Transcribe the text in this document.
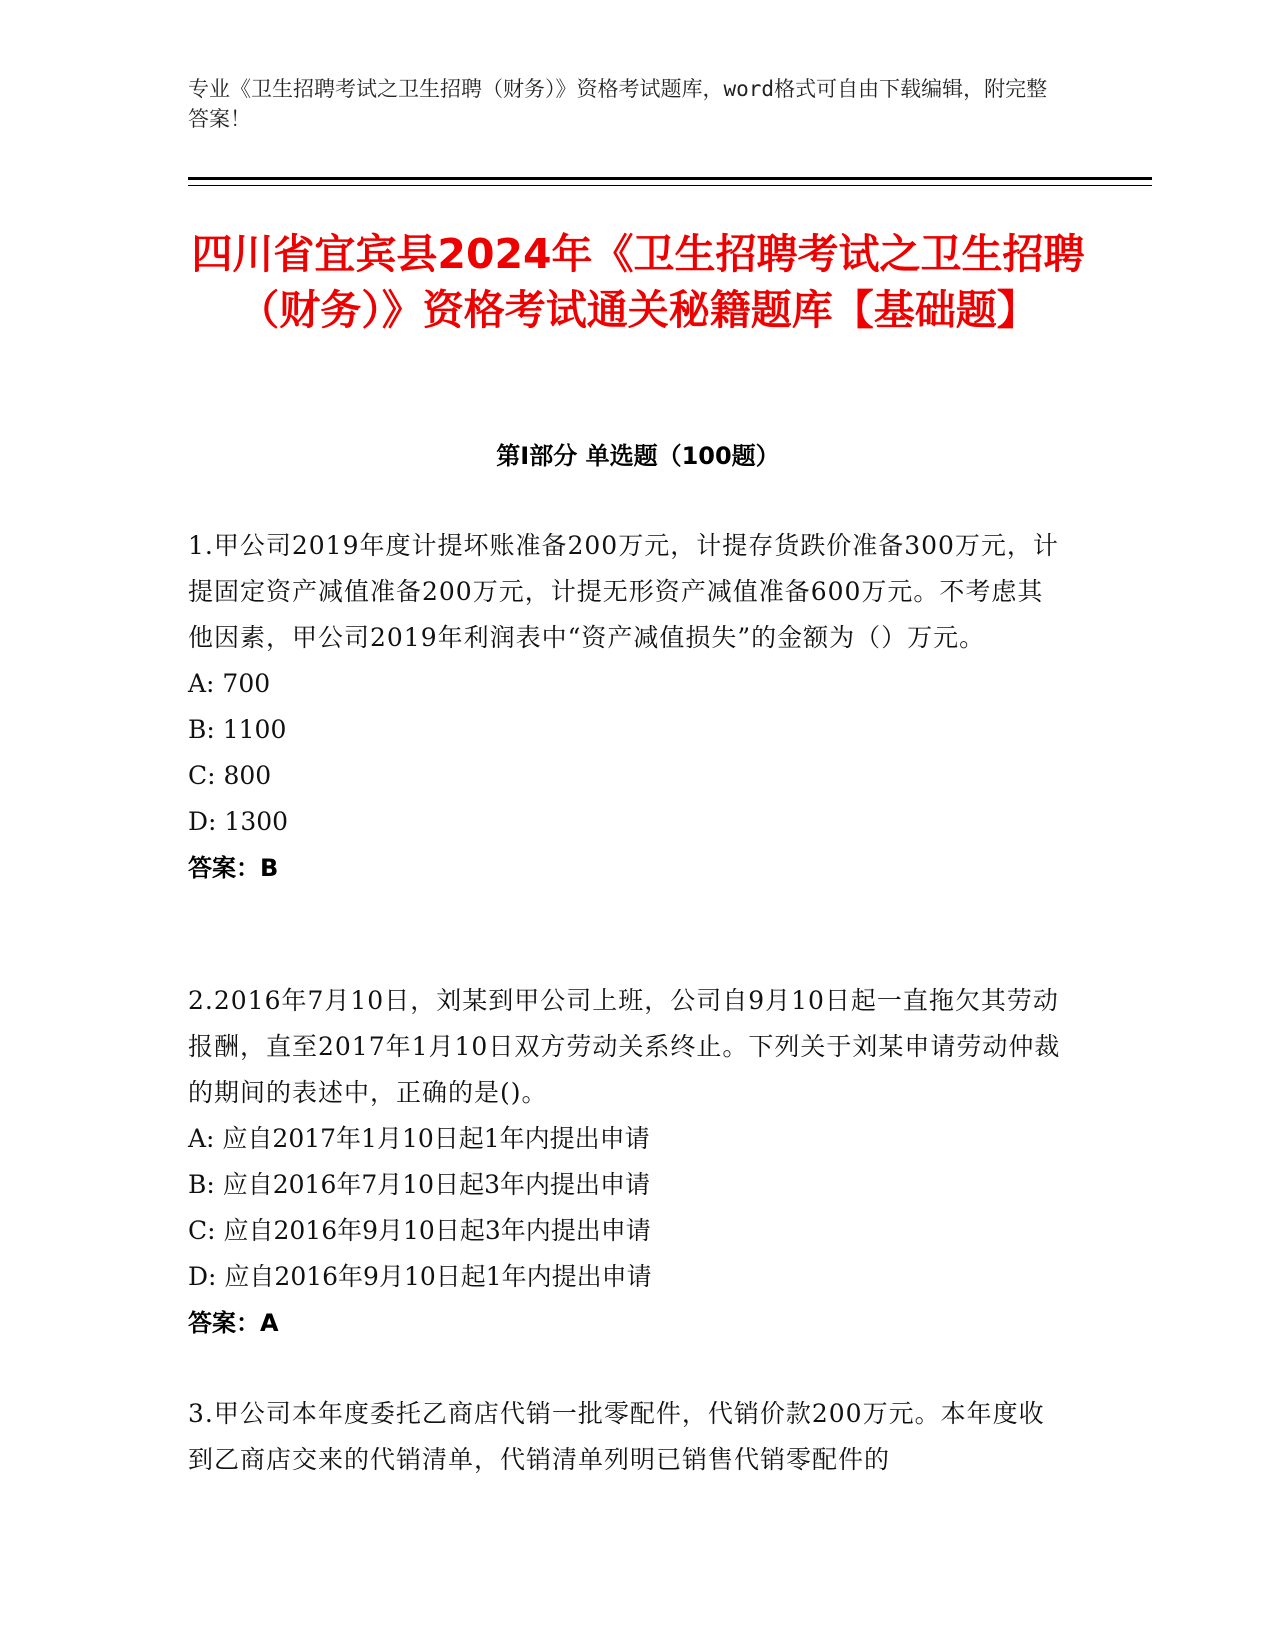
专业《卫生招聘考试之卫生招聘（财务）》资格考试题库，word格式可自由下载编辑，附完整答案！
四川省宜宾县2024年《卫生招聘考试之卫生招聘（财务）》资格考试通关秘籍题库【基础题】
第I部分 单选题（100题）
1.甲公司2019年度计提坏账准备200万元，计提存货跌价准备300万元，计提固定资产减值准备200万元，计提无形资产减值准备600万元。不考虑其他因素，甲公司2019年利润表中“资产减值损失”的金额为（）万元。
A: 700
B: 1100
C: 800
D: 1300
答案：B
2.2016年7月10日，刘某到甲公司上班，公司自9月10日起一直拖欠其劳动报酬，直至2017年1月10日双方劳动关系终止。下列关于刘某申请劳动仲裁的期间的表述中，正确的是()。
A: 应自2017年1月10日起1年内提出申请
B: 应自2016年7月10日起3年内提出申请
C: 应自2016年9月10日起3年内提出申请
D: 应自2016年9月10日起1年内提出申请
答案：A
3.甲公司本年度委托乙商店代销一批零配件，代销价款200万元。本年度收到乙商店交来的代销清单，代销清单列明已销售代销零配件的
